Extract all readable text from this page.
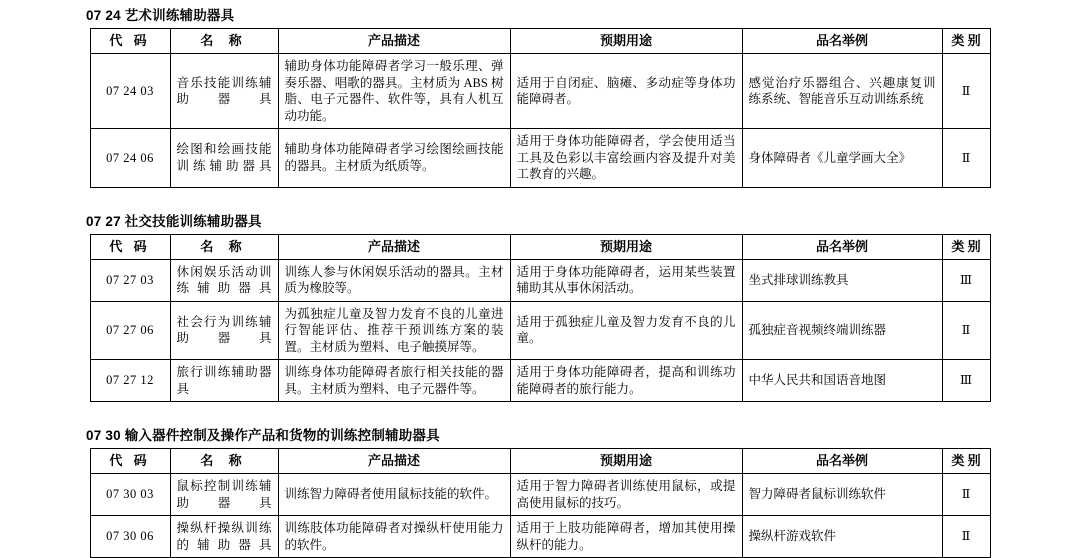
07 24 艺术训练辅助器具
代 码	名 称	产品描述	预期用途	品名举例	类 别
07 24 03	音乐技能训练辅助器具	辅助身体功能障碍者学习一般乐理、弹奏乐器、唱歌的器具。主材质为 ABS 树脂、电子元器件、软件等，具有人机互动功能。	适用于自闭症、脑瘫、多动症等身体功能障碍者。	感觉治疗乐器组合、兴趣康复训练系统、智能音乐互动训练系统	Ⅱ
07 24 06	绘图和绘画技能训练辅助器具	辅助身体功能障碍者学习绘图绘画技能的器具。主材质为纸质等。	适用于身体功能障碍者，学会使用适当工具及色彩以丰富绘画内容及提升对美工教育的兴趣。	身体障碍者《儿童学画大全》	Ⅱ
07 27 社交技能训练辅助器具
代 码	名 称	产品描述	预期用途	品名举例	类 别
07 27 03	休闲娱乐活动训练辅助器具	训练人参与休闲娱乐活动的器具。主材质为橡胶等。	适用于身体功能障碍者，运用某些装置辅助其从事休闲活动。	坐式排球训练教具	Ⅲ
07 27 06	社会行为训练辅助器具	为孤独症儿童及智力发育不良的儿童进行智能评估、推荐干预训练方案的装置。主材质为塑料、电子触摸屏等。	适用于孤独症儿童及智力发育不良的儿童。	孤独症音视频终端训练器	Ⅱ
07 27 12	旅行训练辅助器具	训练身体功能障碍者旅行相关技能的器具。主材质为塑料、电子元器件等。	适用于身体功能障碍者，提高和训练功能障碍者的旅行能力。	中华人民共和国语音地图	Ⅲ
07 30 输入器件控制及操作产品和货物的训练控制辅助器具
代 码	名 称	产品描述	预期用途	品名举例	类 别
07 30 03	鼠标控制训练辅助器具	训练智力障碍者使用鼠标技能的软件。	适用于智力障碍者训练使用鼠标，或提高使用鼠标的技巧。	智力障碍者鼠标训练软件	Ⅱ
07 30 06	操纵杆操纵训练的辅助器具	训练肢体功能障碍者对操纵杆使用能力的软件。	适用于上肢功能障碍者，增加其使用操纵杆的能力。	操纵杆游戏软件	Ⅱ
